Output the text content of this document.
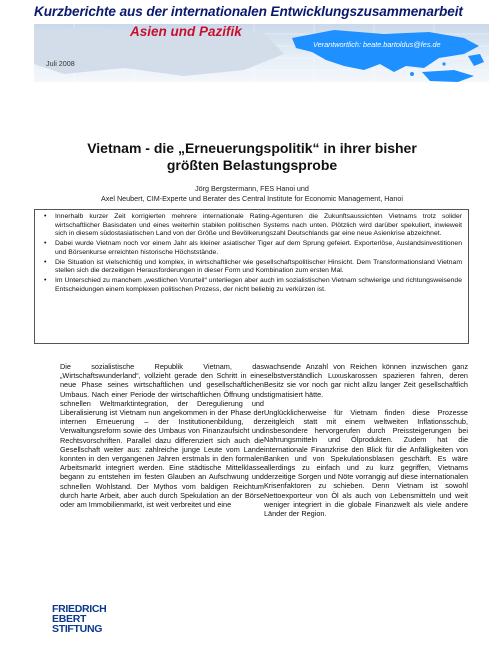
Kurzberichte aus der internationalen Entwicklungszusammenarbeit
Asien und Pazifik
Verantwortlich: beate.bartoldus@fes.de
Juli 2008
Vietnam - die „Erneuerungspolitik“ in ihrer bisher
größten Belastungsprobe
Jörg Bergstermann, FES Hanoi und
Axel Neubert, CIM-Experte und Berater des Central Institute for Economic Management, Hanoi
• Innerhalb kurzer Zeit korrigierten mehrere internationale Rating-Agenturen die Zukunftsaussichten Vietnams trotz solider wirtschaftlicher Basisdaten und eines weiterhin stabilen politischen Systems nach unten. Plötzlich wird darüber spekuliert, inwieweit sich in diesem südostasiatischen Land von der Größe und Bevölkerungszahl Deutschlands gar eine neue Asienkrise abzeichnet.
• Dabei wurde Vietnam noch vor einem Jahr als kleiner asiatischer Tiger auf dem Sprung gefeiert. Exporterlöse, Auslandsinvestitionen und Börsenkurse erreichten historische Höchststände.
• Die Situation ist vielschichtig und komplex, in wirtschaftlicher wie gesellschaftspolitischer Hinsicht. Dem Transformationsland Vietnam stellen sich die derzeitigen Herausforderungen in dieser Form und Kombination zum ersten Mal.
• Im Unterschied zu manchem „westlichen Vorurteil“ unterliegen aber auch im sozialistischen Vietnam schwierige und richtungsweisende Entscheidungen einem komplexen politischen Prozess, der nicht beliebig zu verkürzen ist.

Die sozialistische Republik Vietnam, das „Wirtschaftswunderland“, vollzieht gerade den Schritt in eine neue Phase seines wirtschaftlichen und gesellschaftlichen Umbaus. Nach einer Periode der wirtschaftlichen Öffnung und schnellen Weltmarktintegration, der Deregulierung und Liberalisierung ist Vietnam nun angekommen in der Phase der internen Erneuerung – der Institutionenbildung, der Verwaltungsreform sowie des Umbaus von Finanzaufsicht und Rechtsvorschriften. Parallel dazu differenziert sich auch die Gesellschaft weiter aus: zahlreiche junge Leute vom Lande konnten in den vergangenen Jahren erstmals in den formalen Arbeitsmarkt integriert werden. Eine städtische Mittelklasse begann zu entstehen im festen Glauben an Aufschwung und schnellen Wohlstand. Der Mythos vom baldigen Reichtum durch harte Arbeit, aber auch durch Spekulation an der Börse oder am Immobilienmarkt, ist weit verbreitet und eine

wachsende Anzahl von Reichen können inzwischen ganz selbstverständlich Luxuskarossen spazieren fahren, deren Besitz sie vor noch gar nicht allzu langer Zeit gesellschaftlich stigmatisiert hätte.

Unglücklicherweise für Vietnam finden diese Prozesse zeitgleich statt mit einem weltweiten Inflationsschub, insbesondere hervorgerufen durch Preissteigerungen bei Nahrungsmitteln und Ölprodukten. Zudem hat die internationale Finanzkrise den Blick für die Anfälligkeiten von Banken und von Spekulationsblasen geschärft. Es wäre allerdings zu einfach und zu kurz gegriffen, Vietnams derzeitige Sorgen und Nöte vorrangig auf diese internationalen Krisenfaktoren zu schieben. Denn Vietnam ist sowohl Nettoexporteur von Öl als auch von Lebensmitteln und weit weniger integriert in die globale Finanzwelt als viele andere Länder der Region.

FRIEDRICH
EBERT
STIFTUNG
